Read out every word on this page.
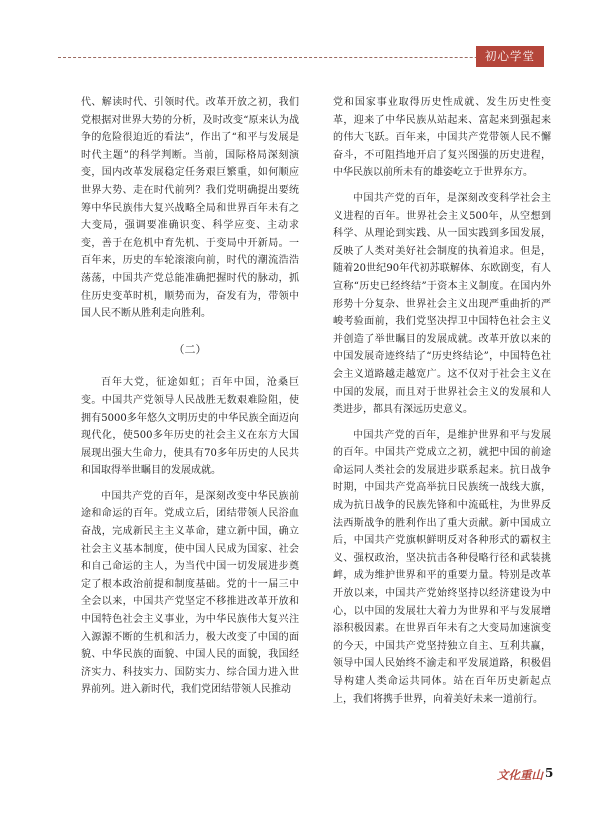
初心学堂

代、解读时代、引领时代。改革开放之初，我们党根据对世界大势的分析，及时改变“原来认为战争的危险很迫近的看法”，作出了“和平与发展是时代主题”的科学判断。当前，国际格局深刻演变，国内改革发展稳定任务艰巨繁重，如何顺应世界大势、走在时代前列？我们党明确提出要统筹中华民族伟大复兴战略全局和世界百年未有之大变局，强调要准确识变、科学应变、主动求变，善于在危机中育先机、于变局中开新局。一百年来，历史的车轮滚滚向前，时代的潮流浩浩荡荡，中国共产党总能准确把握时代的脉动，抓住历史变革时机，顺势而为，奋发有为，带领中国人民不断从胜利走向胜利。

（二）

百年大党，征途如虹；百年中国，沧桑巨变。中国共产党领导人民战胜无数艰难险阻，使拥有5000多年悠久文明历史的中华民族全面迈向现代化，使500多年历史的社会主义在东方大国展现出强大生命力，使具有70多年历史的人民共和国取得举世瞩目的发展成就。

中国共产党的百年，是深刻改变中华民族前途和命运的百年。党成立后，团结带领人民浴血奋战，完成新民主主义革命，建立新中国，确立社会主义基本制度，使中国人民成为国家、社会和自己命运的主人，为当代中国一切发展进步奠定了根本政治前提和制度基础。党的十一届三中全会以来，中国共产党坚定不移推进改革开放和中国特色社会主义事业，为中华民族伟大复兴注入源源不断的生机和活力，极大改变了中国的面貌、中华民族的面貌、中国人民的面貌，我国经济实力、科技实力、国防实力、综合国力进入世界前列。进入新时代，我们党团结带领人民推动

党和国家事业取得历史性成就、发生历史性变革，迎来了中华民族从站起来、富起来到强起来的伟大飞跃。百年来，中国共产党带领人民不懈奋斗，不可阻挡地开启了复兴图强的历史进程，中华民族以前所未有的雄姿屹立于世界东方。

中国共产党的百年，是深刻改变科学社会主义进程的百年。世界社会主义500年，从空想到科学、从理论到实践、从一国实践到多国发展，反映了人类对美好社会制度的执着追求。但是，随着20世纪90年代初苏联解体、东欧剧变，有人宣称“历史已经终结”于资本主义制度。在国内外形势十分复杂、世界社会主义出现严重曲折的严峻考验面前，我们党坚决捍卫中国特色社会主义并创造了举世瞩目的发展成就。改革开放以来的中国发展奇迹终结了“历史终结论”，中国特色社会主义道路越走越宽广。这不仅对于社会主义在中国的发展，而且对于世界社会主义的发展和人类进步，都具有深远历史意义。

中国共产党的百年，是维护世界和平与发展的百年。中国共产党成立之初，就把中国的前途命运同人类社会的发展进步联系起来。抗日战争时期，中国共产党高举抗日民族统一战线大旗，成为抗日战争的民族先锋和中流砥柱，为世界反法西斯战争的胜利作出了重大贡献。新中国成立后，中国共产党旗帜鲜明反对各种形式的霸权主义、强权政治，坚决抗击各种侵略行径和武装挑衅，成为维护世界和平的重要力量。特别是改革开放以来，中国共产党始终坚持以经济建设为中心，以中国的发展壮大着力为世界和平与发展增添积极因素。在世界百年未有之大变局加速演变的今天，中国共产党坚持独立自主、互利共赢，领导中国人民始终不渝走和平发展道路，积极倡导构建人类命运共同体。站在百年历史新起点上，我们将携手世界，向着美好未来一道前行。

文化重山 5
